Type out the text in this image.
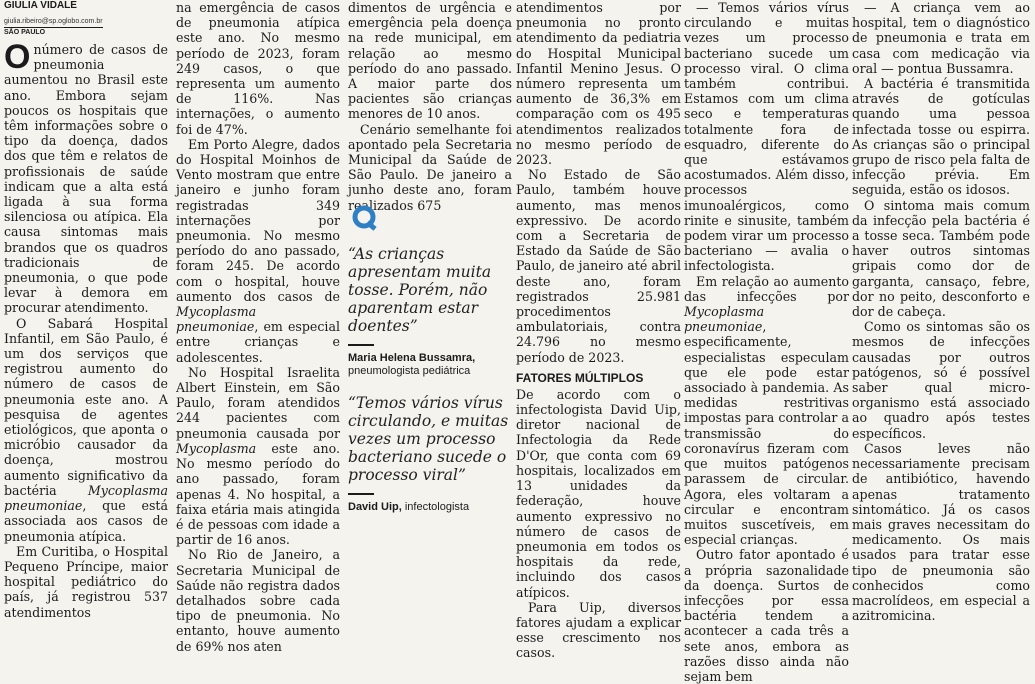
GIULIA VIDALE
giulia.ribeiro@sp.oglobo.com.br
SÃO PAULO

Onúmero de casos de pneumonia aumentou no Brasil este ano. Embora sejam poucos os hospitais que têm informações sobre o tipo da doença, dados dos que têm e relatos de profissionais de saúde indicam que a alta está ligada à sua forma silenciosa ou atípica. Ela causa sintomas mais brandos que os quadros tradicionais de pneumonia, o que pode levar à demora em procurar atendimento.

O Sabará Hospital Infantil, em São Paulo, é um dos serviços que registrou aumento do número de casos de pneumonia este ano. A pesquisa de agentes etiológicos, que aponta o micróbio causador da doença, mostrou aumento significativo da bactéria Mycoplasma pneumoniae, que está associada aos casos de pneumonia atípica.

Em Curitiba, o Hospital Pequeno Príncipe, maior hospital pediátrico do país, já registrou 537 atendimentos

na emergência de casos de pneumonia atípica este ano. No mesmo período de 2023, foram 249 casos, o que representa um aumento de 116%. Nas internações, o aumento foi de 47%.

Em Porto Alegre, dados do Hospital Moinhos de Vento mostram que entre janeiro e junho foram registradas 349 internações por pneumonia. No mesmo período do ano passado, foram 245. De acordo com o hospital, houve aumento dos casos de Mycoplasma pneumoniae, em especial entre crianças e adolescentes.

No Hospital Israelita Albert Einstein, em São Paulo, foram atendidos 244 pacientes com pneumonia causada por Mycoplasma este ano. No mesmo período do ano passado, foram apenas 4. No hospital, a faixa etária mais atingida é de pessoas com idade a partir de 16 anos.

No Rio de Janeiro, a Secretaria Municipal de Saúde não registra dados detalhados sobre cada tipo de pneumonia. No entanto, houve aumento de 69% nos aten

dimentos de urgência e emergência pela doença na rede municipal, em relação ao mesmo período do ano passado. A maior parte dos pacientes são crianças menores de 10 anos.

Cenário semelhante foi apontado pela Secretaria Municipal da Saúde de São Paulo. De janeiro a junho deste ano, foram realizados 675

“As crianças apresentam muita tosse. Porém, não aparentam estar doentes”
Maria Helena Bussamra, pneumologista pediátrica
“Temos vários vírus circulando, e muitas vezes um processo bacteriano sucede o processo viral”
David Uip, infectologista

atendimentos por pneumonia no pronto atendimento da pediatria do Hospital Municipal Infantil Menino Jesus. O número representa um aumento de 36,3% em comparação com os 495 atendimentos realizados no mesmo período de 2023.

No Estado de São Paulo, também houve aumento, mas menos expressivo. De acordo com a Secretaria de Estado da Saúde de São Paulo, de janeiro até abril deste ano, foram registrados 25.981 procedimentos ambulatoriais, contra 24.796 no mesmo período de 2023.

FATORES MÚLTIPLOS

De acordo com o infectologista David Uip, diretor nacional de Infectologia da Rede D'Or, que conta com 69 hospitais, localizados em 13 unidades da federação, houve aumento expressivo no número de casos de pneumonia em todos os hospitais da rede, incluindo dos casos atípicos.

Para Uip, diversos fatores ajudam a explicar esse crescimento nos casos.

— Temos vários vírus circulando e muitas vezes um processo bacteriano sucede um processo viral. O clima também contribui. Estamos com um clima seco e temperaturas totalmente fora de esquadro, diferente do que estávamos acostumados. Além disso, processos imunoalérgicos, como rinite e sinusite, também podem virar um processo bacteriano — avalia o infectologista.

Em relação ao aumento das infecções por Mycoplasma pneumoniae, especificamente, especialistas especulam que ele pode estar associado à pandemia. As medidas restritivas impostas para controlar a transmissão do coronavírus fizeram com que muitos patógenos parassem de circular. Agora, eles voltaram a circular e encontram muitos suscetíveis, em especial crianças.

Outro fator apontado é a própria sazonalidade da doença. Surtos de infecções por essa bactéria tendem a acontecer a cada três a sete anos, embora as razões disso ainda não sejam bem

— A criança vem ao hospital, tem o diagnóstico de pneumonia e trata em casa com medicação via oral — pontua Bussamra.

A bactéria é transmitida através de gotículas quando uma pessoa infectada tosse ou espirra. As crianças são o principal grupo de risco pela falta de infecção prévia. Em seguida, estão os idosos.

O sintoma mais comum da infecção pela bactéria é a tosse seca. Também pode haver outros sintomas gripais como dor de garganta, cansaço, febre, dor no peito, desconforto e dor de cabeça.

Como os sintomas são os mesmos de infecções causadas por outros patógenos, só é possível saber qual micro-organismo está associado ao quadro após testes específicos.

Casos leves não necessariamente precisam de antibiótico, havendo apenas tratamento sintomático. Já os casos mais graves necessitam do medicamento. Os mais usados para tratar esse tipo de pneumonia são conhecidos como macrolídeos, em especial a azitromicina.
